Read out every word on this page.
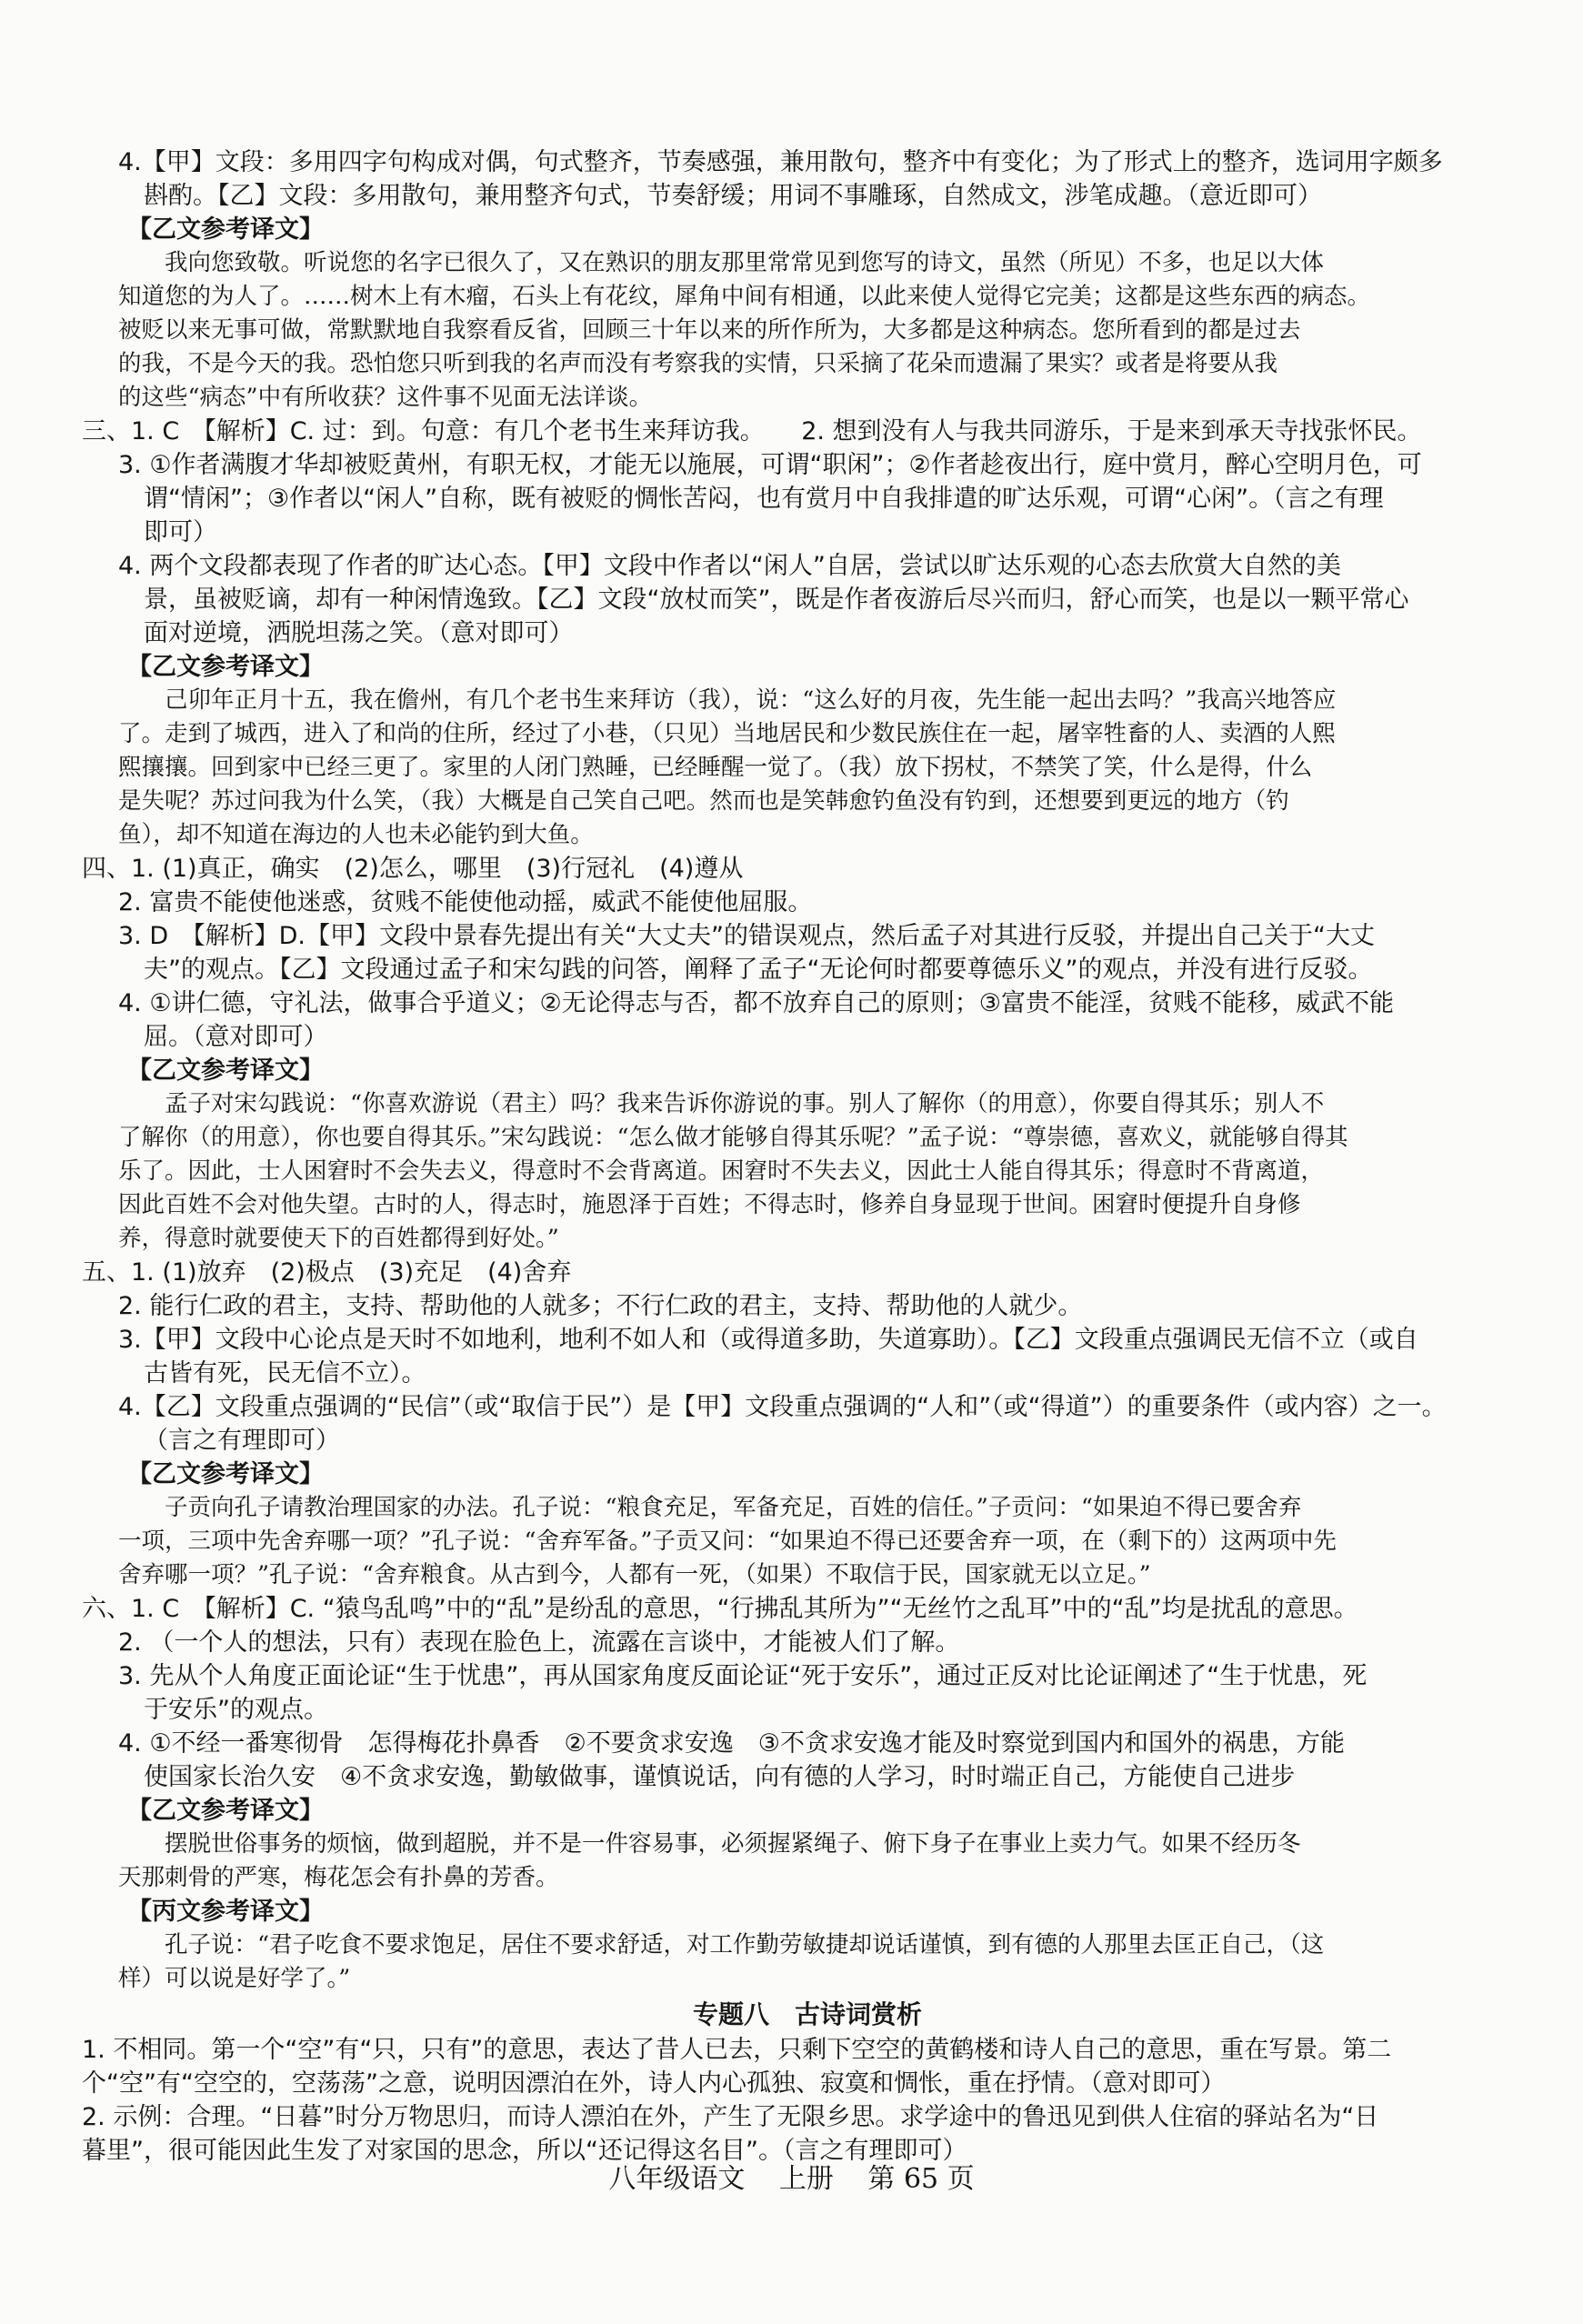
4.【甲】文段：多用四字句构成对偶，句式整齐，节奏感强，兼用散句，整齐中有变化；为了形式上的整齐，选词用字颇多
斟酌。【乙】文段：多用散句，兼用整齐句式，节奏舒缓；用词不事雕琢，自然成文，涉笔成趣。（意近即可）
【乙文参考译文】
　　我向您致敬。听说您的名字已很久了，又在熟识的朋友那里常常见到您写的诗文，虽然（所见）不多，也足以大体
知道您的为人了。……树木上有木瘤，石头上有花纹，犀角中间有相通，以此来使人觉得它完美；这都是这些东西的病态。
被贬以来无事可做，常默默地自我察看反省，回顾三十年以来的所作所为，大多都是这种病态。您所看到的都是过去
的我，不是今天的我。恐怕您只听到我的名声而没有考察我的实情，只采摘了花朵而遗漏了果实？或者是将要从我
的这些“病态”中有所收获？这件事不见面无法详谈。
三、1. C　【解析】C. 过：到。句意：有几个老书生来拜访我。　　2. 想到没有人与我共同游乐，于是来到承天寺找张怀民。
3. ①作者满腹才华却被贬黄州，有职无权，才能无以施展，可谓“职闲”；②作者趁夜出行，庭中赏月，醉心空明月色，可
谓“情闲”；③作者以“闲人”自称，既有被贬的惆怅苦闷，也有赏月中自我排遣的旷达乐观，可谓“心闲”。（言之有理
即可）
4. 两个文段都表现了作者的旷达心态。【甲】文段中作者以“闲人”自居，尝试以旷达乐观的心态去欣赏大自然的美
景，虽被贬谪，却有一种闲情逸致。【乙】文段“放杖而笑”，既是作者夜游后尽兴而归，舒心而笑，也是以一颗平常心
面对逆境，洒脱坦荡之笑。（意对即可）
【乙文参考译文】
　　己卯年正月十五，我在儋州，有几个老书生来拜访（我），说：“这么好的月夜，先生能一起出去吗？”我高兴地答应
了。走到了城西，进入了和尚的住所，经过了小巷，（只见）当地居民和少数民族住在一起，屠宰牲畜的人、卖酒的人熙
熙攘攘。回到家中已经三更了。家里的人闭门熟睡，已经睡醒一觉了。（我）放下拐杖，不禁笑了笑，什么是得，什么
是失呢？苏过问我为什么笑，（我）大概是自己笑自己吧。然而也是笑韩愈钓鱼没有钓到，还想要到更远的地方（钓
鱼），却不知道在海边的人也未必能钓到大鱼。
四、1. (1)真正，确实　(2)怎么，哪里　(3)行冠礼　(4)遵从
2. 富贵不能使他迷惑，贫贱不能使他动摇，威武不能使他屈服。
3. D　【解析】D.【甲】文段中景春先提出有关“大丈夫”的错误观点，然后孟子对其进行反驳，并提出自己关于“大丈
夫”的观点。【乙】文段通过孟子和宋勾践的问答，阐释了孟子“无论何时都要尊德乐义”的观点，并没有进行反驳。
4. ①讲仁德，守礼法，做事合乎道义；②无论得志与否，都不放弃自己的原则；③富贵不能淫，贫贱不能移，威武不能
屈。（意对即可）
【乙文参考译文】
　　孟子对宋勾践说：“你喜欢游说（君主）吗？我来告诉你游说的事。别人了解你（的用意），你要自得其乐；别人不
了解你（的用意），你也要自得其乐。”宋勾践说：“怎么做才能够自得其乐呢？”孟子说：“尊崇德，喜欢义，就能够自得其
乐了。因此，士人困窘时不会失去义，得意时不会背离道。困窘时不失去义，因此士人能自得其乐；得意时不背离道，
因此百姓不会对他失望。古时的人，得志时，施恩泽于百姓；不得志时，修养自身显现于世间。困窘时便提升自身修
养，得意时就要使天下的百姓都得到好处。”
五、1. (1)放弃　(2)极点　(3)充足　(4)舍弃
2. 能行仁政的君主，支持、帮助他的人就多；不行仁政的君主，支持、帮助他的人就少。
3.【甲】文段中心论点是天时不如地利，地利不如人和（或得道多助，失道寡助）。【乙】文段重点强调民无信不立（或自
古皆有死，民无信不立）。
4.【乙】文段重点强调的“民信”（或“取信于民”）是【甲】文段重点强调的“人和”（或“得道”）的重要条件（或内容）之一。
（言之有理即可）
【乙文参考译文】
　　子贡向孔子请教治理国家的办法。孔子说：“粮食充足，军备充足，百姓的信任。”子贡问：“如果迫不得已要舍弃
一项，三项中先舍弃哪一项？”孔子说：“舍弃军备。”子贡又问：“如果迫不得已还要舍弃一项，在（剩下的）这两项中先
舍弃哪一项？”孔子说：“舍弃粮食。从古到今，人都有一死，（如果）不取信于民，国家就无以立足。”
六、1. C　【解析】C. “猿鸟乱鸣”中的“乱”是纷乱的意思，“行拂乱其所为”“无丝竹之乱耳”中的“乱”均是扰乱的意思。
2. （一个人的想法，只有）表现在脸色上，流露在言谈中，才能被人们了解。
3. 先从个人角度正面论证“生于忧患”，再从国家角度反面论证“死于安乐”，通过正反对比论证阐述了“生于忧患，死
于安乐”的观点。
4. ①不经一番寒彻骨　怎得梅花扑鼻香　②不要贪求安逸　③不贪求安逸才能及时察觉到国内和国外的祸患，方能
使国家长治久安　④不贪求安逸，勤敏做事，谨慎说话，向有德的人学习，时时端正自己，方能使自己进步
【乙文参考译文】
　　摆脱世俗事务的烦恼，做到超脱，并不是一件容易事，必须握紧绳子、俯下身子在事业上卖力气。如果不经历冬
天那刺骨的严寒，梅花怎会有扑鼻的芳香。
【丙文参考译文】
　　孔子说：“君子吃食不要求饱足，居住不要求舒适，对工作勤劳敏捷却说话谨慎，到有德的人那里去匡正自己，（这
样）可以说是好学了。”
专题八　古诗词赏析
1. 不相同。第一个“空”有“只，只有”的意思，表达了昔人已去，只剩下空空的黄鹤楼和诗人自己的意思，重在写景。第二
个“空”有“空空的，空荡荡”之意，说明因漂泊在外，诗人内心孤独、寂寞和惆怅，重在抒情。（意对即可）
2. 示例：合理。“日暮”时分万物思归，而诗人漂泊在外，产生了无限乡思。求学途中的鲁迅见到供人住宿的驿站名为“日
暮里”，很可能因此生发了对家国的思念，所以“还记得这名目”。（言之有理即可）
八年级语文 上册 第 65 页
